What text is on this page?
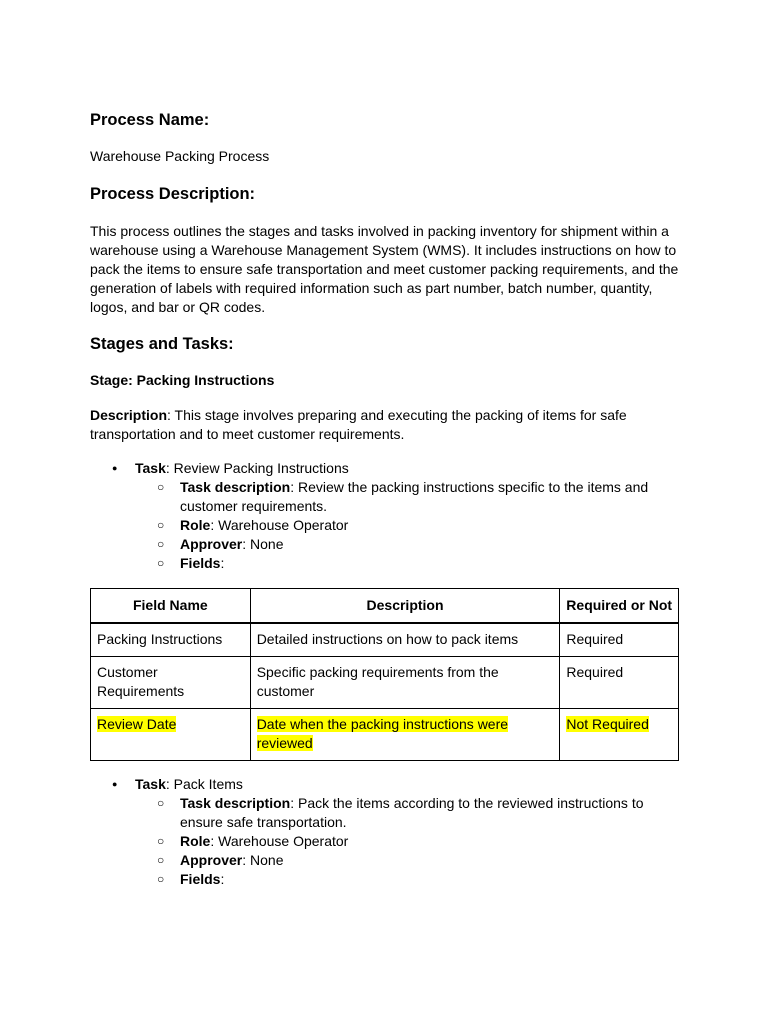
Process Name:

Warehouse Packing Process

Process Description:

This process outlines the stages and tasks involved in packing inventory for shipment within a warehouse using a Warehouse Management System (WMS). It includes instructions on how to pack the items to ensure safe transportation and meet customer packing requirements, and the generation of labels with required information such as part number, batch number, quantity, logos, and bar or QR codes.

Stages and Tasks:

Stage: Packing Instructions

Description: This stage involves preparing and executing the packing of items for safe transportation and to meet customer requirements.

● Task: Review Packing Instructions
○ Task description: Review the packing instructions specific to the items and customer requirements.
○ Role: Warehouse Operator
○ Approver: None
○ Fields:
Field Name	Description	Required or Not
Packing Instructions	Detailed instructions on how to pack items	Required
Customer Requirements	Specific packing requirements from the customer	Required
Review Date	Date when the packing instructions were reviewed	Not Required
● Task: Pack Items
○ Task description: Pack the items according to the reviewed instructions to ensure safe transportation.
○ Role: Warehouse Operator
○ Approver: None
○ Fields:
